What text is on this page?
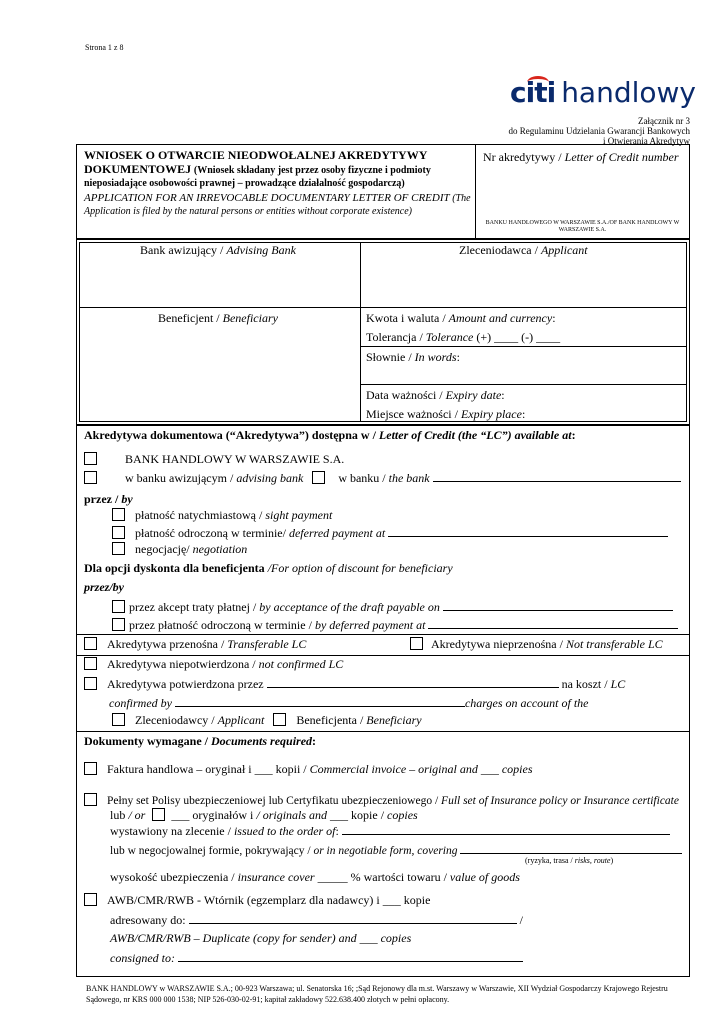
Strona 1 z 8
citi handlowy
Załącznik nr 3
do Regulaminu Udzielania Gwarancji Bankowych
i Otwierania Akredytyw
WNIOSEK O OTWARCIE NIEODWOŁALNEJ AKREDYTYWY DOKUMENTOWEJ (Wniosek składany jest przez osoby fizyczne i podmioty nieposiadające osobowości prawnej – prowadzące działalność gospodarczą)
APPLICATION FOR AN IRREVOCABLE DOCUMENTARY LETTER OF CREDIT (The Application is filed by the natural persons or entities without corporate existence)
Nr akredytywy / Letter of Credit number
BANKU HANDLOWEGO W WARSZAWIE S.A./OF BANK HANDLOWY W WARSZAWIE S.A.
Bank awizujący / Advising Bank	Zleceniodawca / Applicant
Beneficjent / Beneficiary	Kwota i waluta / Amount and currency:
Tolerancja / Tolerance (+) ____ (-) ____
Słownie / In words:
Data ważności / Expiry date:
Miejsce ważności / Expiry place:
Akredytywa dokumentowa (“Akredytywa”) dostępna w / Letter of Credit (the “LC”) available at:
BANK HANDLOWY W WARSZAWIE S.A.
w banku awizującym / advising bank	w banku / the bank
przez / by
płatność natychmiastową / sight payment
płatność odroczoną w terminie/ deferred payment at
negocjację/ negotiation
Dla opcji dyskonta dla beneficjenta /For option of discount for beneficiary
przez/by
przez akcept traty płatnej / by acceptance of the draft payable on
przez płatność odroczoną w terminie / by deferred payment at
Akredytywa przenośna / Transferable LC	Akredytywa nieprzenośna / Not transferable LC
Akredytywa niepotwierdzona / not confirmed LC
Akredytywa potwierdzona przez	na koszt / LC
confirmed by	charges on account of the
Zleceniodawcy / Applicant	Beneficjenta / Beneficiary
Dokumenty wymagane / Documents required:
Faktura handlowa – oryginał i ___ kopii / Commercial invoice – original and ___ copies
Pełny set Polisy ubezpieczeniowej lub Certyfikatu ubezpieczeniowego / Full set of Insurance policy or Insurance certificate
lub / or ___ oryginałów i / originals and ___ kopie / copies
wystawiony na zlecenie / issued to the order of:
lub w negocjowalnej formie, pokrywający / or in negotiable form, covering
(ryzyka, trasa / risks, route)
wysokość ubezpieczenia / insurance cover _____ % wartości towaru / value of goods
AWB/CMR/RWB - Wtórnik (egzemplarz dla nadawcy) i ___ kopie
adresowany do:	/
AWB/CMR/RWB – Duplicate (copy for sender) and ___ copies
consigned to:
BANK HANDLOWY w WARSZAWIE S.A.; 00-923 Warszawa; ul. Senatorska 16; ;Sąd Rejonowy dla m.st. Warszawy w Warszawie, XII Wydział Gospodarczy Krajowego Rejestru Sądowego, nr KRS 000 000 1538; NIP 526-030-02-91; kapitał zakładowy 522.638.400 złotych w pełni opłacony.
